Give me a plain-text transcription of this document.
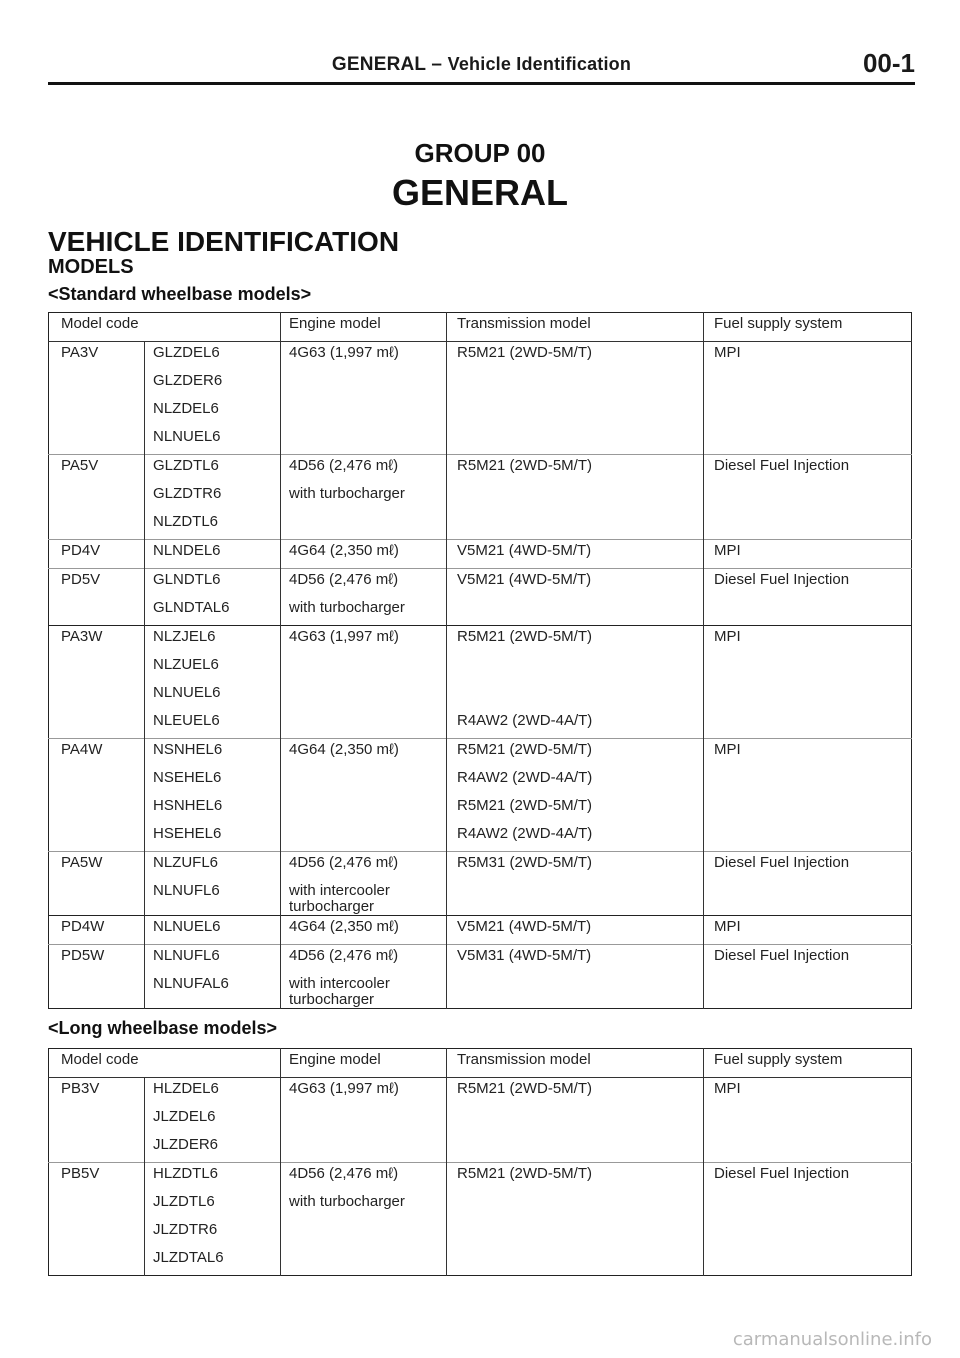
GENERAL – Vehicle Identification	00-1
GROUP 00
GENERAL
VEHICLE IDENTIFICATION
MODELS
<Standard wheelbase models>
Model code		Engine model	Transmission model	Fuel supply system
PA3V	GLZDEL6	4G63 (1,997 mℓ)	R5M21 (2WD-5M/T)	MPI
	GLZDER6			
	NLZDEL6			
	NLNUEL6			
PA5V	GLZDTL6	4D56 (2,476 mℓ)	R5M21 (2WD-5M/T)	Diesel Fuel Injection
	GLZDTR6	with turbocharger		
	NLZDTL6			
PD4V	NLNDEL6	4G64 (2,350 mℓ)	V5M21 (4WD-5M/T)	MPI
PD5V	GLNDTL6	4D56 (2,476 mℓ)	V5M21 (4WD-5M/T)	Diesel Fuel Injection
	GLNDTAL6	with turbocharger		
PA3W	NLZJEL6	4G63 (1,997 mℓ)	R5M21 (2WD-5M/T)	MPI
	NLZUEL6			
	NLNUEL6			
	NLEUEL6		R4AW2 (2WD-4A/T)	
PA4W	NSNHEL6	4G64 (2,350 mℓ)	R5M21 (2WD-5M/T)	MPI
	NSEHEL6		R4AW2 (2WD-4A/T)	
	HSNHEL6		R5M21 (2WD-5M/T)	
	HSEHEL6		R4AW2 (2WD-4A/T)	
PA5W	NLZUFL6	4D56 (2,476 mℓ)	R5M31 (2WD-5M/T)	Diesel Fuel Injection
	NLNUFL6	with intercooler turbocharger		
PD4W	NLNUEL6	4G64 (2,350 mℓ)	V5M21 (4WD-5M/T)	MPI
PD5W	NLNUFL6	4D56 (2,476 mℓ)	V5M31 (4WD-5M/T)	Diesel Fuel Injection
	NLNUFAL6	with intercooler turbocharger		
<Long wheelbase models>
Model code		Engine model	Transmission model	Fuel supply system
PB3V	HLZDEL6	4G63 (1,997 mℓ)	R5M21 (2WD-5M/T)	MPI
	JLZDEL6			
	JLZDER6			
PB5V	HLZDTL6	4D56 (2,476 mℓ)	R5M21 (2WD-5M/T)	Diesel Fuel Injection
	JLZDTL6	with turbocharger		
	JLZDTR6			
	JLZDTAL6			
carmanualsonline.info
